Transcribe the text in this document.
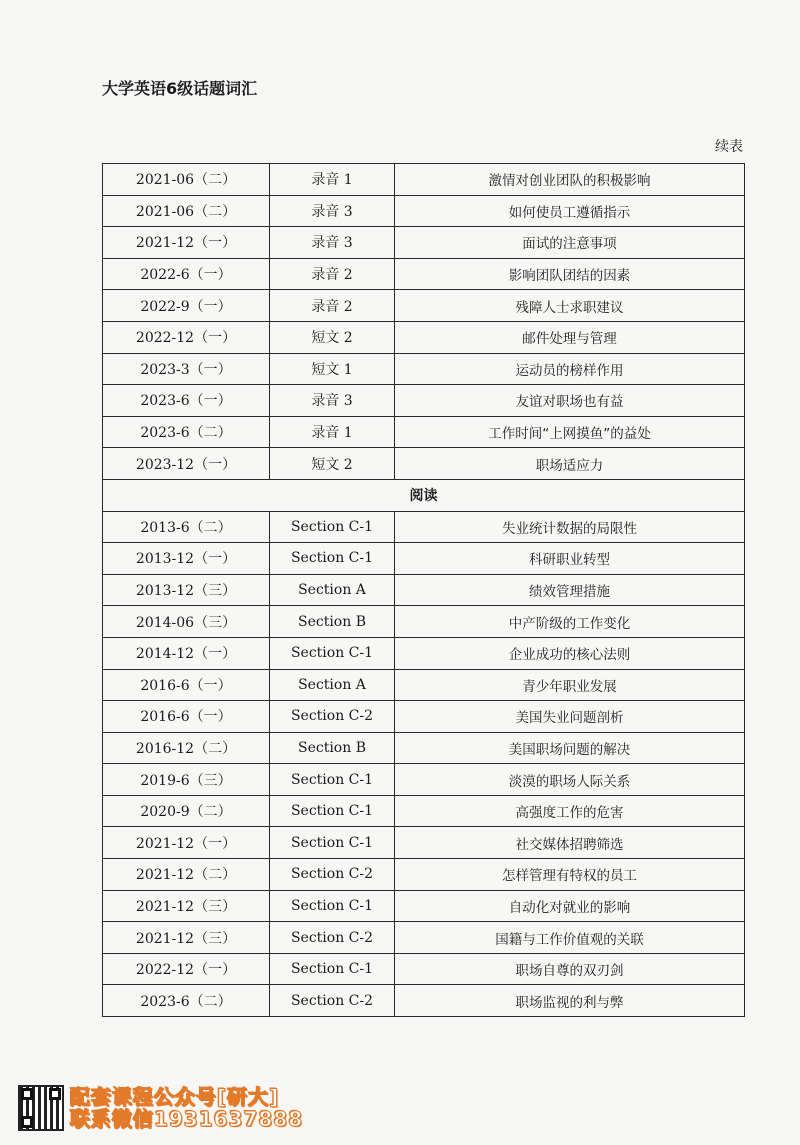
大学英语6级话题词汇
续表
2021-06（二）	录音 1	激情对创业团队的积极影响
2021-06（二）	录音 3	如何使员工遵循指示
2021-12（一）	录音 3	面试的注意事项
2022-6（一）	录音 2	影响团队团结的因素
2022-9（一）	录音 2	残障人士求职建议
2022-12（一）	短文 2	邮件处理与管理
2023-3（一）	短文 1	运动员的榜样作用
2023-6（一）	录音 3	友谊对职场也有益
2023-6（二）	录音 1	工作时间“上网摸鱼”的益处
2023-12（一）	短文 2	职场适应力
阅读		
2013-6（二）	Section C-1	失业统计数据的局限性
2013-12（一）	Section C-1	科研职业转型
2013-12（三）	Section A	绩效管理措施
2014-06（三）	Section B	中产阶级的工作变化
2014-12（一）	Section C-1	企业成功的核心法则
2016-6（一）	Section A	青少年职业发展
2016-6（一）	Section C-2	美国失业问题剖析
2016-12（二）	Section B	美国职场问题的解决
2019-6（三）	Section C-1	淡漠的职场人际关系
2020-9（二）	Section C-1	高强度工作的危害
2021-12（一）	Section C-1	社交媒体招聘筛选
2021-12（二）	Section C-2	怎样管理有特权的员工
2021-12（三）	Section C-1	自动化对就业的影响
2021-12（三）	Section C-2	国籍与工作价值观的关联
2022-12（一）	Section C-1	职场自尊的双刃剑
2023-6（二）	Section C-2	职场监视的利与弊
配套课程公众号[研大]
联系微信1931637888
